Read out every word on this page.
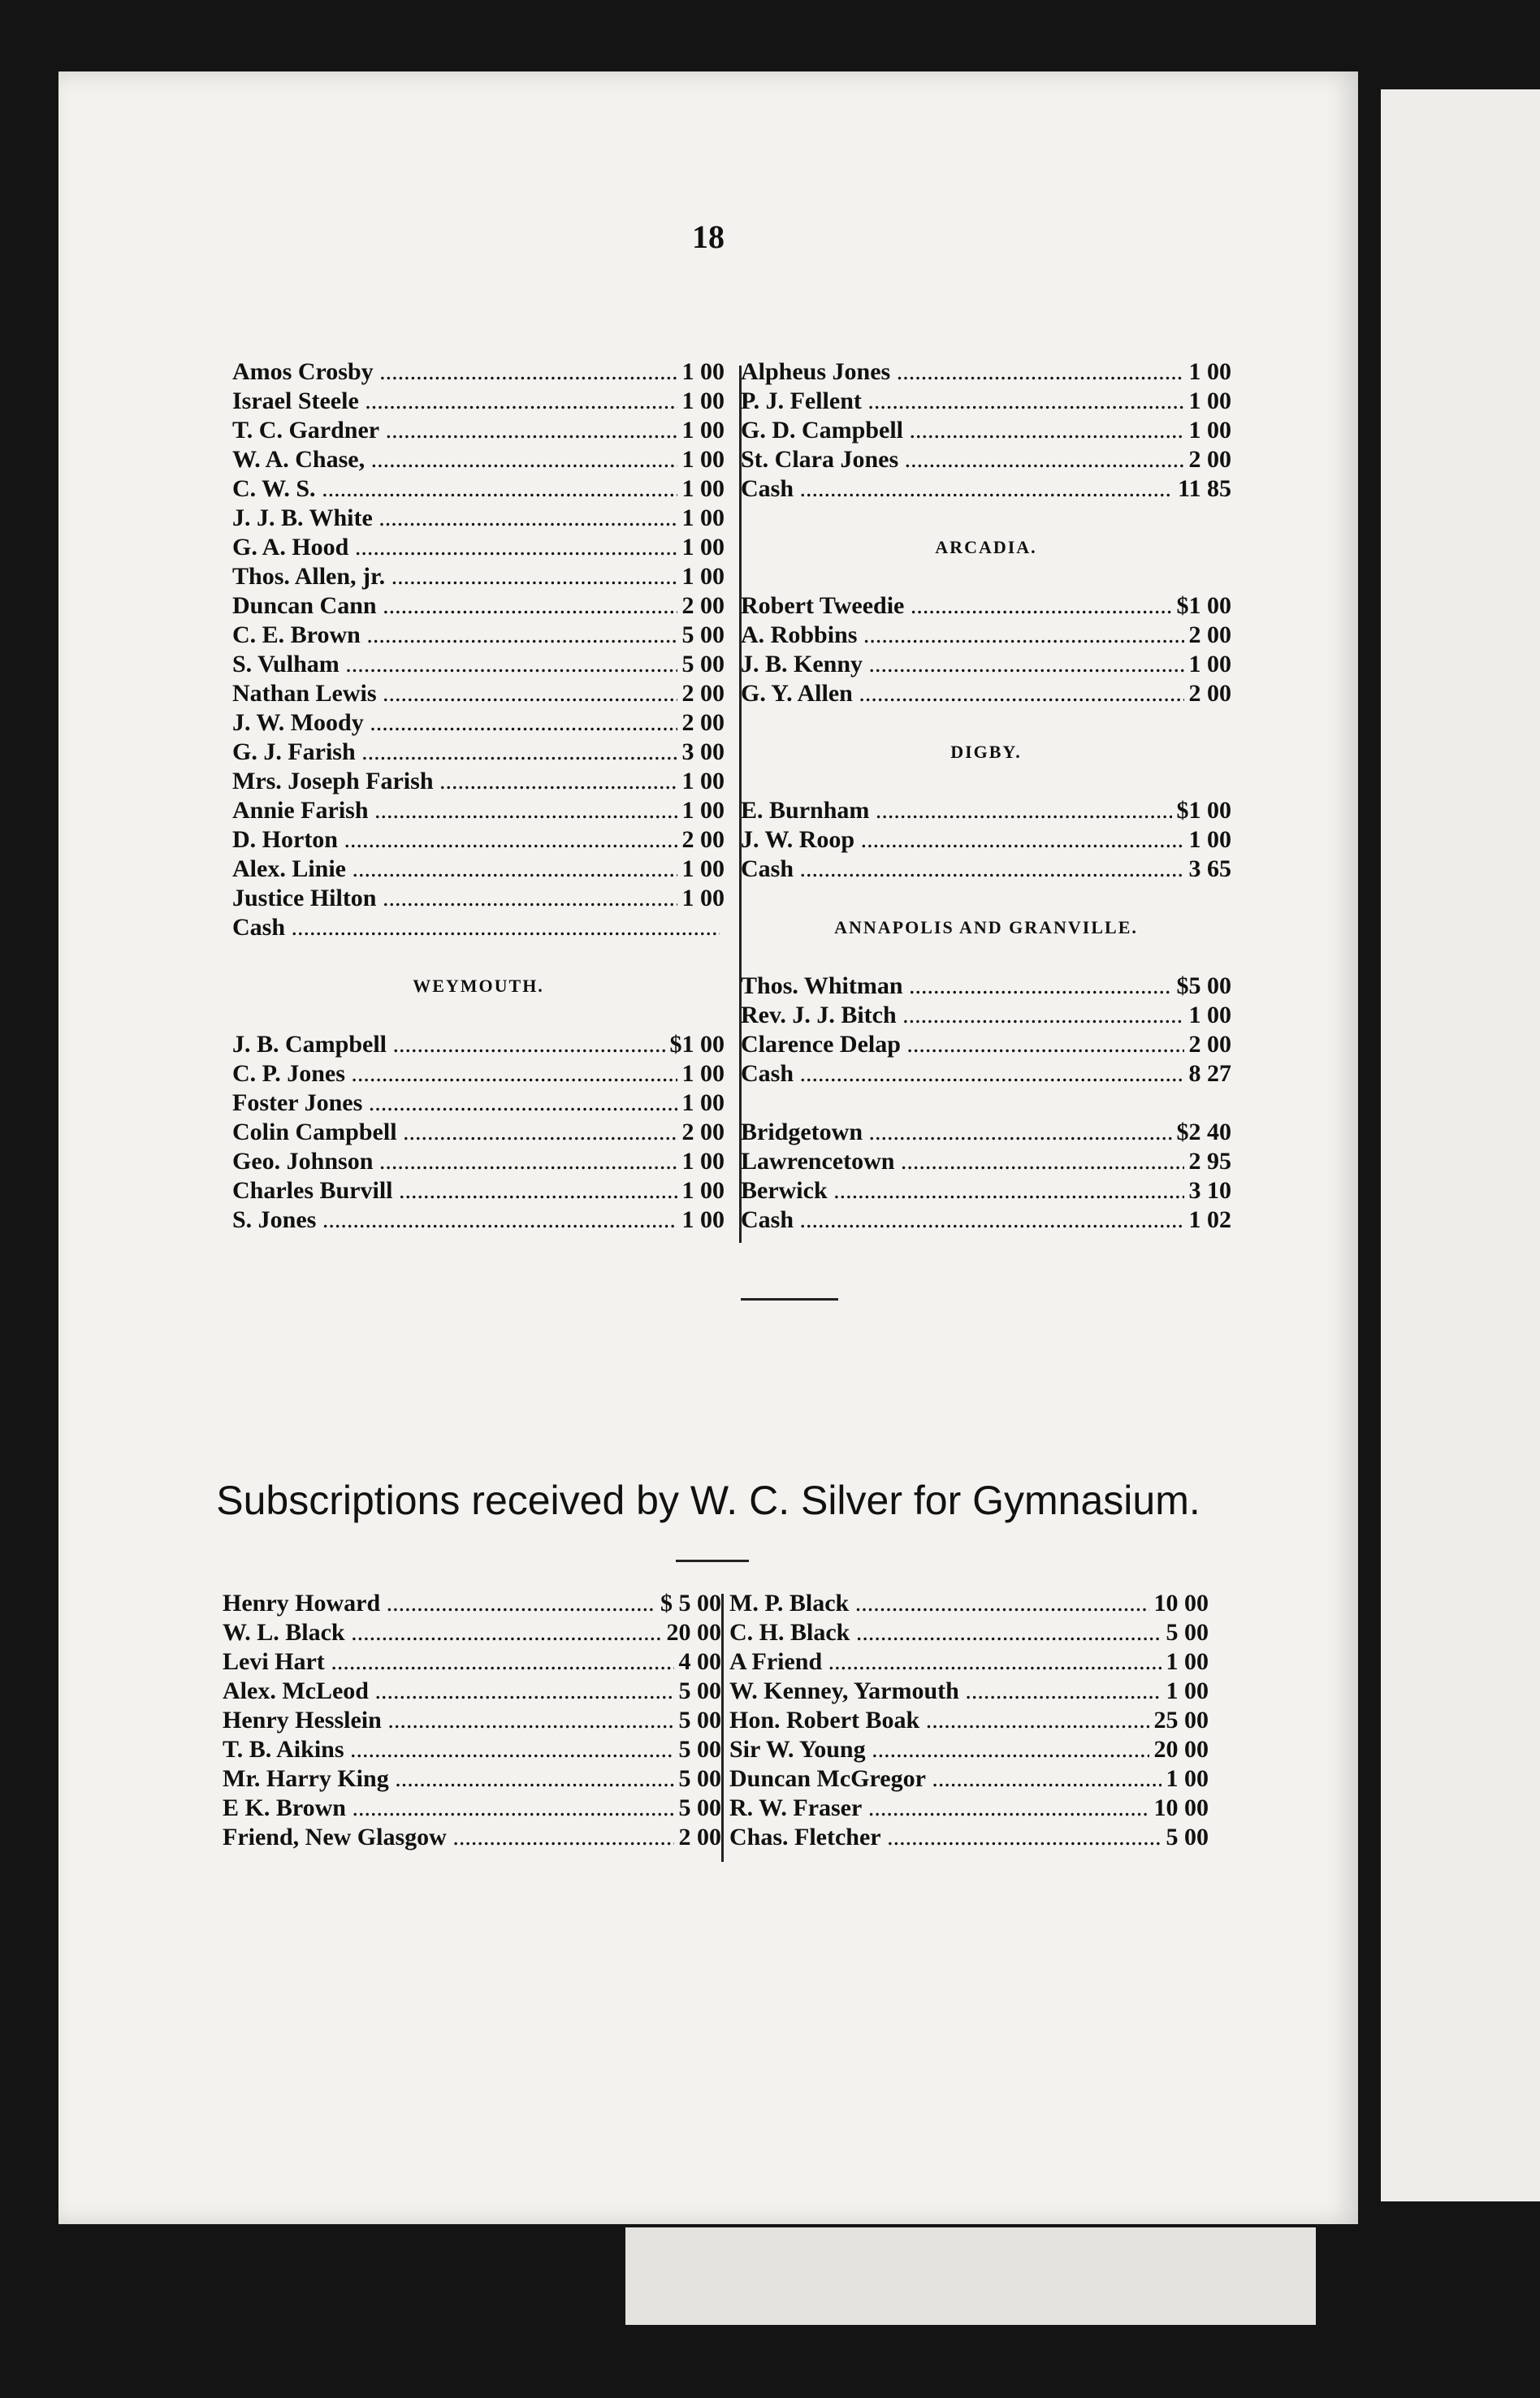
18
Amos Crosby .....	1 00
Israel Steele .....	1 00
T. C. Gardner .....	1 00
W. A. Chase, .....	1 00
C. W. S. .....	1 00
J. J. B. White .....	1 00
G. A. Hood .....	1 00
Thos. Allen, jr. .....	1 00
Duncan Cann .....	2 00
C. E. Brown .....	5 00
S. Vulham .....	5 00
Nathan Lewis .....	2 00
J. W. Moody .....	2 00
G. J. Farish .....	3 00
Mrs. Joseph Farish .....	1 00
Annie Farish .....	1 00
D. Horton .....	2 00
Alex. Linie .....	1 00
Justice Hilton .....	1 00
Cash .....
WEYMOUTH.
J. B. Campbell .....	$1 00
C. P. Jones .....	1 00
Foster Jones .....	1 00
Colin Campbell .....	2 00
Geo. Johnson .....	1 00
Charles Burvill .....	1 00
S. Jones .....	1 00
Alpheus Jones .....	1 00
P. J. Fellent .....	1 00
G. D. Campbell .....	1 00
St. Clara Jones .....	2 00
Cash .....	11 85
ARCADIA.
Robert Tweedie .....	$1 00
A. Robbins .....	2 00
J. B. Kenny .....	1 00
G. Y. Allen .....	2 00
DIGBY.
E. Burnham .....	$1 00
J. W. Roop .....	1 00
Cash .....	3 65
ANNAPOLIS AND GRANVILLE.
Thos. Whitman .....	$5 00
Rev. J. J. Bitch .....	1 00
Clarence Delap .....	2 00
Cash .....	8 27
Bridgetown .....	$2 40
Lawrencetown .....	2 95
Berwick .....	3 10
Cash .....	1 02
Subscriptions received by W. C. Silver for Gymnasium.
Henry Howard .....	$ 5 00
W. L. Black .....	20 00
Levi Hart .....	4 00
Alex. McLeod .....	5 00
Henry Hesslein .....	5 00
T. B. Aikins .....	5 00
Mr. Harry King .....	5 00
E K. Brown .....	5 00
Friend, New Glasgow .....	2 00
M. P. Black .....	10 00
C. H. Black .....	5 00
A Friend .....	1 00
W. Kenney, Yarmouth .....	1 00
Hon. Robert Boak .....	25 00
Sir W. Young .....	20 00
Duncan McGregor .....	1 00
R. W. Fraser .....	10 00
Chas. Fletcher .....	5 00
